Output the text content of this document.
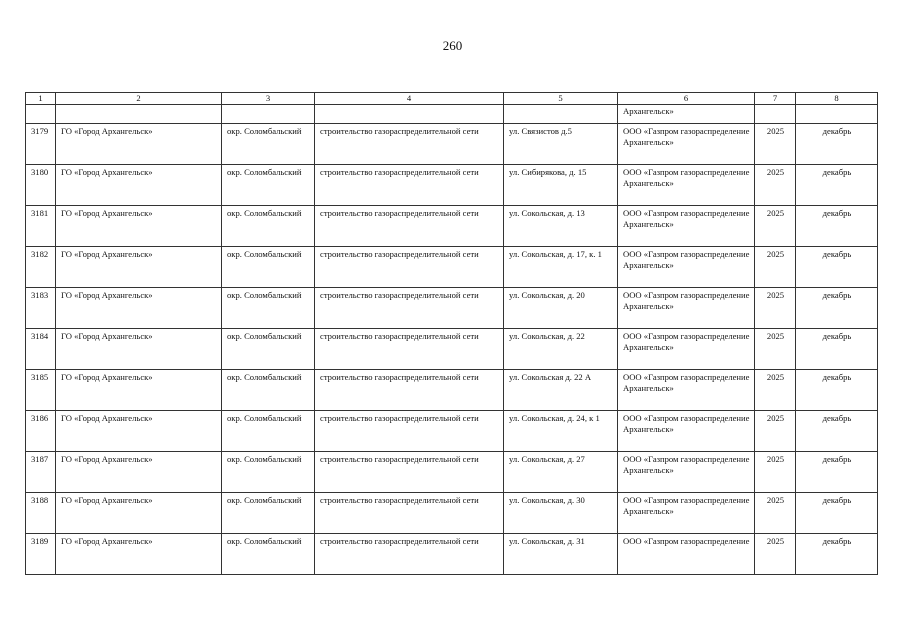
260
1	2	3	4	5	6	7	8
					Архангельск»		
3179	ГО «Город Архангельск»	окр. Соломбальский	строительство газораспределительной сети	ул. Связистов д.5	ООО «Газпром газораспределение Архангельск»	2025	декабрь
3180	ГО «Город Архангельск»	окр. Соломбальский	строительство газораспределительной сети	ул. Сибирякова, д. 15	ООО «Газпром газораспределение Архангельск»	2025	декабрь
3181	ГО «Город Архангельск»	окр. Соломбальский	строительство газораспределительной сети	ул. Сокольская, д. 13	ООО «Газпром газораспределение Архангельск»	2025	декабрь
3182	ГО «Город Архангельск»	окр. Соломбальский	строительство газораспределительной сети	ул. Сокольская, д. 17, к. 1	ООО «Газпром газораспределение Архангельск»	2025	декабрь
3183	ГО «Город Архангельск»	окр. Соломбальский	строительство газораспределительной сети	ул. Сокольская, д. 20	ООО «Газпром газораспределение Архангельск»	2025	декабрь
3184	ГО «Город Архангельск»	окр. Соломбальский	строительство газораспределительной сети	ул. Сокольская, д. 22	ООО «Газпром газораспределение Архангельск»	2025	декабрь
3185	ГО «Город Архангельск»	окр. Соломбальский	строительство газораспределительной сети	ул. Сокольская д. 22 А	ООО «Газпром газораспределение Архангельск»	2025	декабрь
3186	ГО «Город Архангельск»	окр. Соломбальский	строительство газораспределительной сети	ул. Сокольская, д. 24, к 1	ООО «Газпром газораспределение Архангельск»	2025	декабрь
3187	ГО «Город Архангельск»	окр. Соломбальский	строительство газораспределительной сети	ул. Сокольская, д. 27	ООО «Газпром газораспределение Архангельск»	2025	декабрь
3188	ГО «Город Архангельск»	окр. Соломбальский	строительство газораспределительной сети	ул. Сокольская, д. 30	ООО «Газпром газораспределение Архангельск»	2025	декабрь
3189	ГО «Город Архангельск»	окр. Соломбальский	строительство газораспределительной сети	ул. Сокольская, д. 31	ООО «Газпром газораспределение	2025	декабрь
